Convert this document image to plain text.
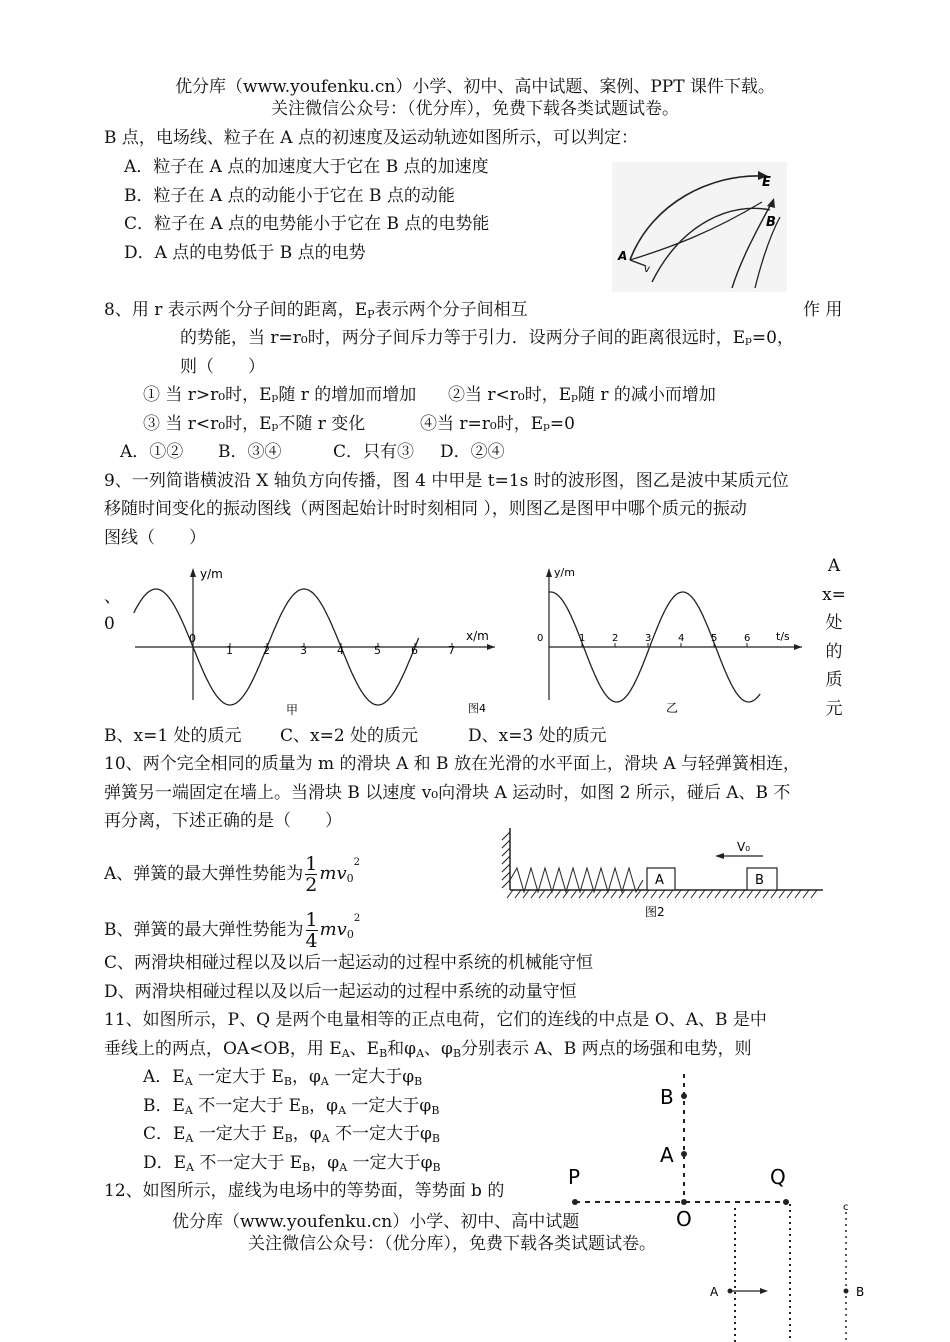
优分库（www.youfenku.cn）小学、初中、高中试题、案例、PPT 课件下载。
关注微信公众号：（优分库），免费下载各类试题试卷。
B 点，电场线、粒子在 A 点的初速度及运动轨迹如图所示，可以判定：
A．粒子在 A 点的加速度大于它在 B 点的加速度
B．粒子在 A 点的动能小于它在 B 点的动能
C．粒子在 A 点的电势能小于它在 B 点的电势能
D．A 点的电势低于 B 点的电势
E
B
A
v
8、用 r 表示两个分子间的距离，$E_P$表示两个分子间相互	作 用
的势能，当 r=r₀时，两分子间斥力等于引力．设两分子间的距离很远时，Eₚ=0，
则（　　）
① 当 r>r₀时，Eₚ随 r 的增加而增加 ②当 r<r₀时，Eₚ随 r 的减小而增加
③ 当 r<r₀时，Eₚ不随 r 变化	④当 r=r₀时，Eₚ=0
A．①② B．③④	C．只有③ D．②④
9、一列简谐横波沿 X 轴负方向传播，图 4 中甲是 t=1s 时的波形图，图乙是波中某质元位
移随时间变化的振动图线（两图起始计时时刻相同 ），则图乙是图甲中哪个质元的振动
图线（　　）
、
0
A
x=
处
的
质
元
0
1	2	3	4	5	6	7
y/m
x/m
甲	图4
0	1	2	3	4	5	6
y/m
t/s
乙
B、x=1 处的质元 C、x=2 处的质元	D、x=3 处的质元
10、两个完全相同的质量为 m 的滑块 A 和 B 放在光滑的水平面上，滑块 A 与轻弹簧相连，
弹簧另一端固定在墙上。当滑块 B 以速度 v₀向滑块 A 运动时，如图 2 所示，碰后 A、B 不
再分离，下述正确的是（　　）
A、弹簧的最大弹性势能为 $\frac{1}{2} mv_0^2$
B、弹簧的最大弹性势能为 $\frac{1}{4} mv_0^2$
C、两滑块相碰过程以及以后一起运动的过程中系统的机械能守恒
D、两滑块相碰过程以及以后一起运动的过程中系统的动量守恒
A	B
V₀
图2
11、如图所示，P、Q 是两个电量相等的正点电荷，它们的连线的中点是 O、A、B 是中
垂线上的两点，OA<OB，用 $E_A$、$E_B$和$\varphi_A$、$\varphi_B$分别表示 A、B 两点的场强和电势，则
A．$E_A$ 一定大于 $E_B$，$\varphi_A$ 一定大于$\varphi_B$
B．$E_A$ 不一定大于 $E_B$，$\varphi_A$ 一定大于$\varphi_B$
C．$E_A$ 一定大于 $E_B$，$\varphi_A$ 不一定大于$\varphi_B$
D．$E_A$ 不一定大于 $E_B$，$\varphi_A$ 一定大于$\varphi_B$	P	Q
O
A
B
12、如图所示，虚线为电场中的等势面，等势面 b 的
优分库（www.youfenku.cn）小学、初中、高中试题
关注微信公众号：（优分库），免费下载各类试题试卷。
A	B
c
